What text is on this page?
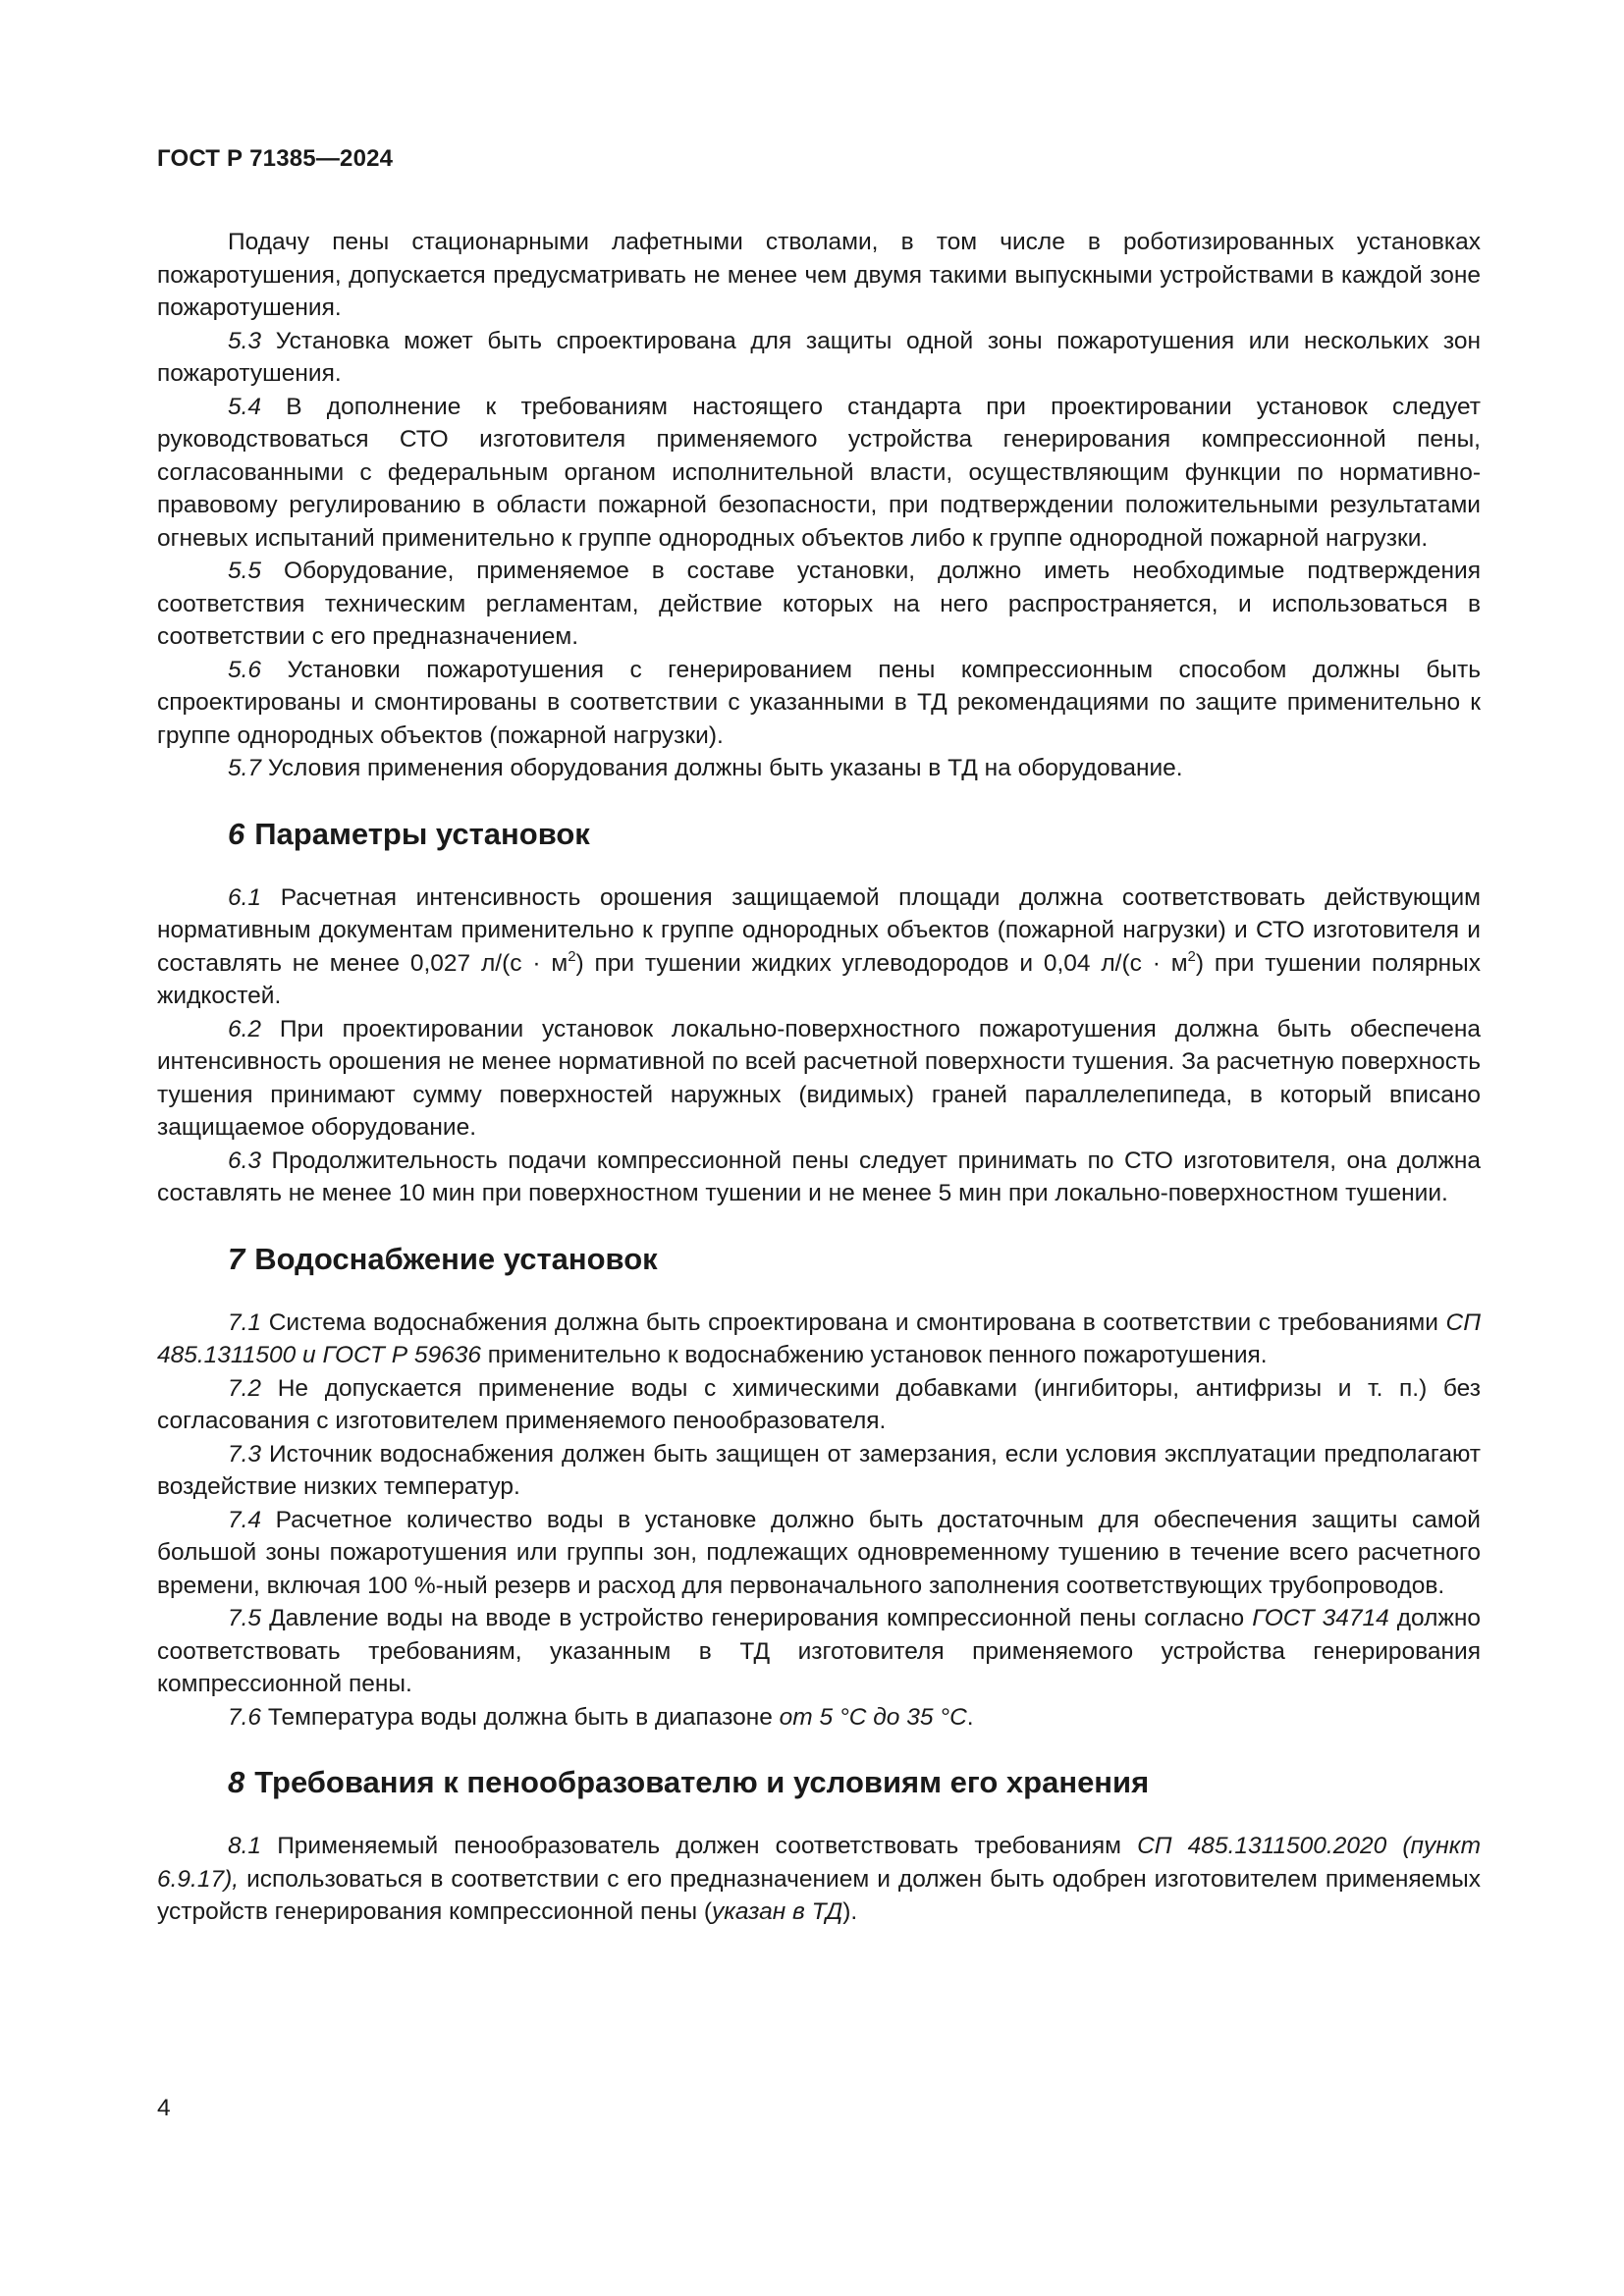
ГОСТ Р 71385—2024

Подачу пены стационарными лафетными стволами, в том числе в роботизированных установках пожаротушения, допускается предусматривать не менее чем двумя такими выпускными устройствами в каждой зоне пожаротушения.

5.3 Установка может быть спроектирована для защиты одной зоны пожаротушения или нескольких зон пожаротушения.

5.4 В дополнение к требованиям настоящего стандарта при проектировании установок следует руководствоваться СТО изготовителя применяемого устройства генерирования компрессионной пены, согласованными с федеральным органом исполнительной власти, осуществляющим функции по нормативно-правовому регулированию в области пожарной безопасности, при подтверждении положительными результатами огневых испытаний применительно к группе однородных объектов либо к группе однородной пожарной нагрузки.

5.5 Оборудование, применяемое в составе установки, должно иметь необходимые подтверждения соответствия техническим регламентам, действие которых на него распространяется, и использоваться в соответствии с его предназначением.

5.6 Установки пожаротушения с генерированием пены компрессионным способом должны быть спроектированы и смонтированы в соответствии с указанными в ТД рекомендациями по защите применительно к группе однородных объектов (пожарной нагрузки).

5.7 Условия применения оборудования должны быть указаны в ТД на оборудование.

6 Параметры установок

6.1 Расчетная интенсивность орошения защищаемой площади должна соответствовать действующим нормативным документам применительно к группе однородных объектов (пожарной нагрузки) и СТО изготовителя и составлять не менее 0,027 $л/(с \cdot м^2)$ при тушении жидких углеводородов и 0,04 $л/(с \cdot м^2)$ при тушении полярных жидкостей.

6.2 При проектировании установок локально-поверхностного пожаротушения должна быть обеспечена интенсивность орошения не менее нормативной по всей расчетной поверхности тушения. За расчетную поверхность тушения принимают сумму поверхностей наружных (видимых) граней параллелепипеда, в который вписано защищаемое оборудование.

6.3 Продолжительность подачи компрессионной пены следует принимать по СТО изготовителя, она должна составлять не менее 10 мин при поверхностном тушении и не менее 5 мин при локально-поверхностном тушении.

7 Водоснабжение установок

7.1 Система водоснабжения должна быть спроектирована и смонтирована в соответствии с требованиями СП 485.1311500 и ГОСТ Р 59636 применительно к водоснабжению установок пенного пожаротушения.

7.2 Не допускается применение воды с химическими добавками (ингибиторы, антифризы и т. п.) без согласования с изготовителем применяемого пенообразователя.

7.3 Источник водоснабжения должен быть защищен от замерзания, если условия эксплуатации предполагают воздействие низких температур.

7.4 Расчетное количество воды в установке должно быть достаточным для обеспечения защиты самой большой зоны пожаротушения или группы зон, подлежащих одновременному тушению в течение всего расчетного времени, включая 100 %-ный резерв и расход для первоначального заполнения соответствующих трубопроводов.

7.5 Давление воды на вводе в устройство генерирования компрессионной пены согласно ГОСТ 34714 должно соответствовать требованиям, указанным в ТД изготовителя применяемого устройства генерирования компрессионной пены.

7.6 Температура воды должна быть в диапазоне от 5 °С до 35 °С.

8 Требования к пенообразователю и условиям его хранения

8.1 Применяемый пенообразователь должен соответствовать требованиям СП 485.1311500.2020 (пункт 6.9.17), использоваться в соответствии с его предназначением и должен быть одобрен изготовителем применяемых устройств генерирования компрессионной пены (указан в ТД).

4
